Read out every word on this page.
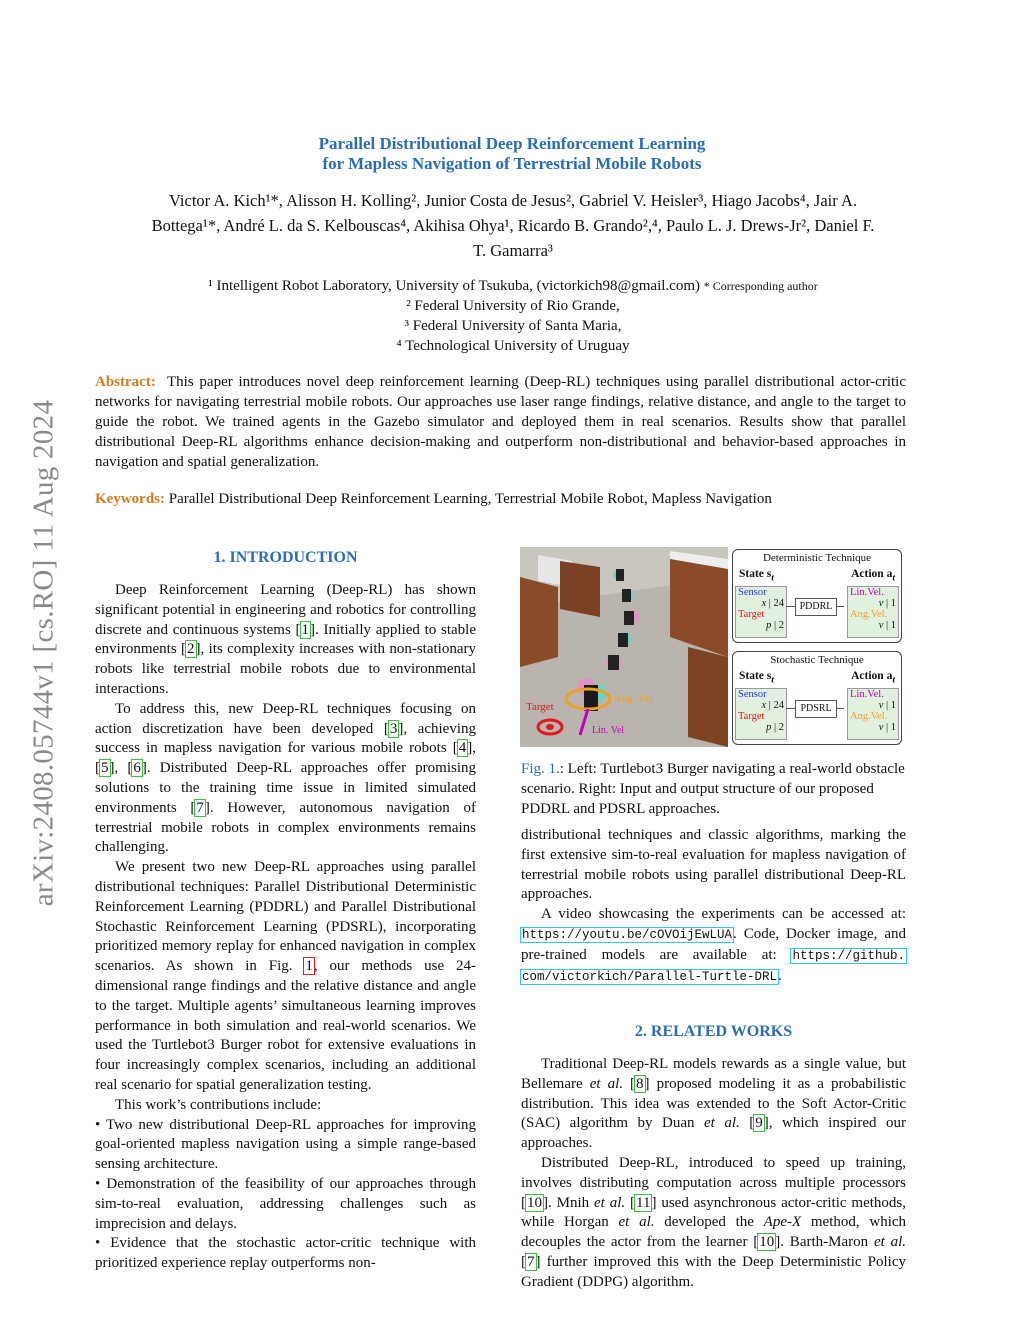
arXiv:2408.05744v1 [cs.RO] 11 Aug 2024
Parallel Distributional Deep Reinforcement Learning
for Mapless Navigation of Terrestrial Mobile Robots
Victor A. Kich¹*, Alisson H. Kolling², Junior Costa de Jesus², Gabriel V. Heisler³, Hiago Jacobs⁴, Jair A.
Bottega¹*, André L. da S. Kelbouscas⁴, Akihisa Ohya¹, Ricardo B. Grando²,⁴, Paulo L. J. Drews-Jr², Daniel F.
T. Gamarra³
¹ Intelligent Robot Laboratory, University of Tsukuba, (victorkich98@gmail.com) * Corresponding author
² Federal University of Rio Grande,
³ Federal University of Santa Maria,
⁴ Technological University of Uruguay
Abstract: This paper introduces novel deep reinforcement learning (Deep-RL) techniques using parallel distributional actor-critic networks for navigating terrestrial mobile robots. Our approaches use laser range findings, relative distance, and angle to the target to guide the robot. We trained agents in the Gazebo simulator and deployed them in real scenarios. Results show that parallel distributional Deep-RL algorithms enhance decision-making and outperform non-distributional and behavior-based approaches in navigation and spatial generalization.
Keywords: Parallel Distributional Deep Reinforcement Learning, Terrestrial Mobile Robot, Mapless Navigation
1. INTRODUCTION

Deep Reinforcement Learning (Deep-RL) has shown significant potential in engineering and robotics for controlling discrete and continuous systems [1]. Initially applied to stable environments [2], its complexity increases with non-stationary robots like terrestrial mobile robots due to environmental interactions.

To address this, new Deep-RL techniques focusing on action discretization have been developed [3], achieving success in mapless navigation for various mobile robots [4], [5], [6]. Distributed Deep-RL approaches offer promising solutions to the training time issue in limited simulated environments [7]. However, autonomous navigation of terrestrial mobile robots in complex environments remains challenging.

We present two new Deep-RL approaches using parallel distributional techniques: Parallel Distributional Deterministic Reinforcement Learning (PDDRL) and Parallel Distributional Stochastic Reinforcement Learning (PDSRL), incorporating prioritized memory replay for enhanced navigation in complex scenarios. As shown in Fig. 1, our methods use 24-dimensional range findings and the relative distance and angle to the target. Multiple agents’ simultaneous learning improves performance in both simulation and real-world scenarios. We used the Turtlebot3 Burger robot for extensive evaluations in four increasingly complex scenarios, including an additional real scenario for spatial generalization testing.

This work’s contributions include:

• Two new distributional Deep-RL approaches for improving goal-oriented mapless navigation using a simple range-based sensing architecture.

• Demonstration of the feasibility of our approaches through sim-to-real evaluation, addressing challenges such as imprecision and delays.

• Evidence that the stochastic actor-critic technique with prioritized experience replay outperforms non-

Target
Ang. Vel
Lin. Vel
Deterministic Technique
State $s_t$	Action $a_t$
Sensor
x | 24
Target
p | 2
PDDRL
Lin.Vel.
v | 1
Ang.Vel.
v | 1
Stochastic Technique
State $s_t$	Action $a_t$
Sensor
x | 24
Target
p | 2
PDSRL
Lin.Vel.
v | 1
Ang.Vel.
v | 1
Fig. 1.: Left: Turtlebot3 Burger navigating a real-world obstacle scenario. Right: Input and output structure of our proposed PDDRL and PDSRL approaches.

distributional techniques and classic algorithms, marking the first extensive sim-to-real evaluation for mapless navigation of terrestrial mobile robots using parallel distributional Deep-RL approaches.

A video showcasing the experiments can be accessed at: https://youtu.be/cOVOijEwLUA. Code, Docker image, and pre-trained models are available at: https://github. com/victorkich/Parallel-Turtle-DRL.

2. RELATED WORKS

Traditional Deep-RL models rewards as a single value, but Bellemare et al. [8] proposed modeling it as a probabilistic distribution. This idea was extended to the Soft Actor-Critic (SAC) algorithm by Duan et al. [9], which inspired our approaches.

Distributed Deep-RL, introduced to speed up training, involves distributing computation across multiple processors [10]. Mnih et al. [11] used asynchronous actor-critic methods, while Horgan et al. developed the Ape-X method, which decouples the actor from the learner [10]. Barth-Maron et al. [7] further improved this with the Deep Deterministic Policy Gradient (DDPG) algorithm.
